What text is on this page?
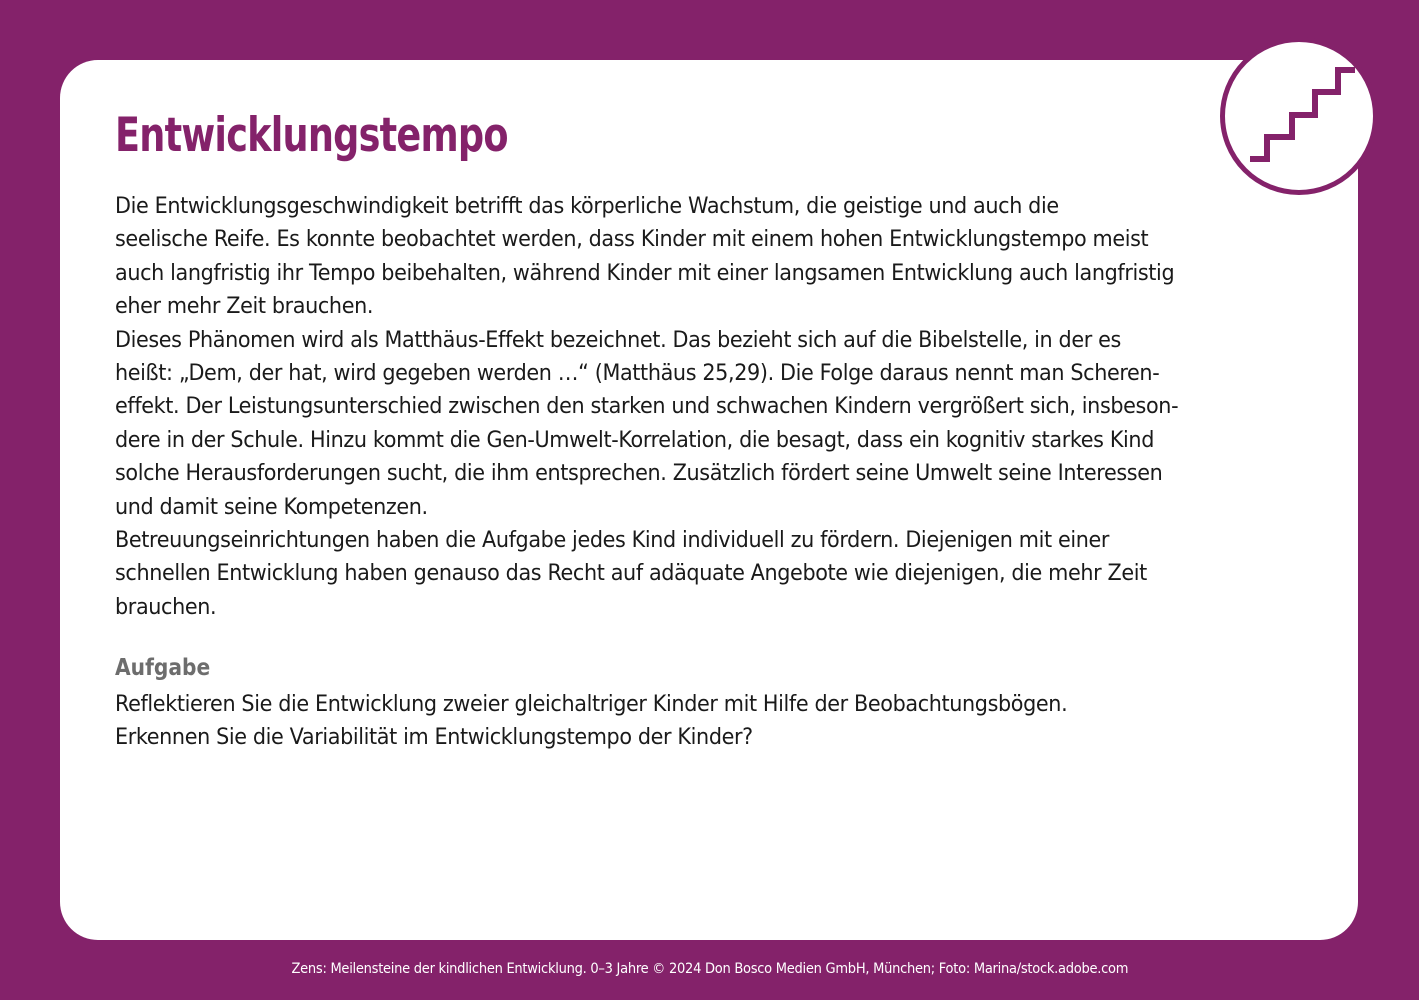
Entwicklungstempo
Die Entwicklungsgeschwindigkeit betrifft das körperliche Wachstum, die geistige und auch die
seelische Reife. Es konnte beobachtet werden, dass Kinder mit einem hohen Entwicklungstempo meist
auch langfristig ihr Tempo beibehalten, während Kinder mit einer langsamen Entwicklung auch langfristig
eher mehr Zeit brauchen.
Dieses Phänomen wird als Matthäus-Effekt bezeichnet. Das bezieht sich auf die Bibelstelle, in der es
heißt: „Dem, der hat, wird gegeben werden …“ (Matthäus 25,29). Die Folge daraus nennt man Scheren-
effekt. Der Leistungsunterschied zwischen den starken und schwachen Kindern vergrößert sich, insbeson-
dere in der Schule. Hinzu kommt die Gen-Umwelt-Korrelation, die besagt, dass ein kognitiv starkes Kind
solche Herausforderungen sucht, die ihm entsprechen. Zusätzlich fördert seine Umwelt seine Interessen
und damit seine Kompetenzen.
Betreuungseinrichtungen haben die Aufgabe jedes Kind individuell zu fördern. Diejenigen mit einer
schnellen Entwicklung haben genauso das Recht auf adäquate Angebote wie diejenigen, die mehr Zeit
brauchen.
Aufgabe
Reflektieren Sie die Entwicklung zweier gleichaltriger Kinder mit Hilfe der Beobachtungsbögen.
Erkennen Sie die Variabilität im Entwicklungstempo der Kinder?
Zens: Meilensteine der kindlichen Entwicklung. 0–3 Jahre © 2024 Don Bosco Medien GmbH, München; Foto: Marina/stock.adobe.com
